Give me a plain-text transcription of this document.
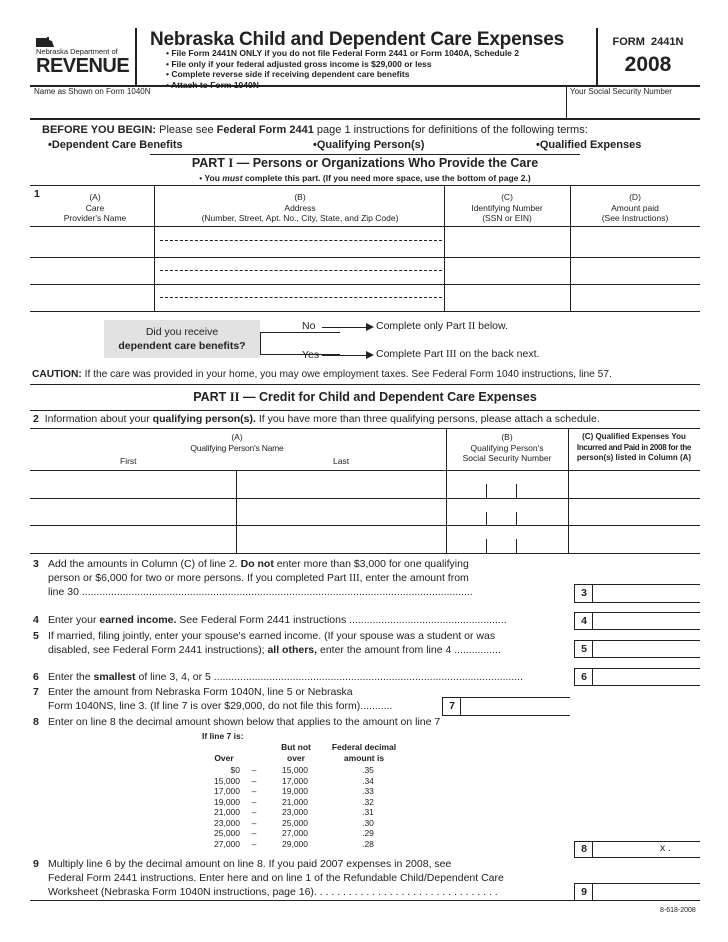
Nebraska Department of
REVENUE
Nebraska Child and Dependent Care Expenses
• File Form 2441N ONLY if you do not file Federal Form 2441 or Form 1040A, Schedule 2
• File only if your federal adjusted gross income is $29,000 or less
• Complete reverse side if receiving dependent care benefits
• Attach to Form 1040N
FORM  2441N
2008
Name as Shown on Form 1040N	Your Social Security Number
BEFORE YOU BEGIN: Please see Federal Form 2441 page 1 instructions for definitions of the following terms:
•Dependent Care Benefits	•Qualifying Person(s)	•Qualified Expenses
PART I — Persons or Organizations Who Provide the Care
• You must complete this part. (If you need more space, use the bottom of page 2.)
1	(A)
Care
Provider's Name
(B)
Address
(Number, Street, Apt. No., City, State, and Zip Code)
(C)
Identifying Number
(SSN or EIN)
(D)
Amount paid
(See Instructions)
Did you receive
dependent care benefits?
No	Complete only Part II below.
Yes	Complete Part III on the back next.
CAUTION: If the care was provided in your home, you may owe employment taxes. See Federal Form 1040 instructions, line 57.
PART II — Credit for Child and Dependent Care Expenses
2 Information about your qualifying person(s). If you have more than three qualifying persons, please attach a schedule.
(A)
Qualifying Person's Name
First	Last
(B)
Qualifying Person's
Social Security Number
(C) Qualified Expenses You
Incurred and Paid in 2008 for the
person(s) listed in Column (A)
3 Add the amounts in Column (C) of line 2. Do not enter more than $3,000 for one qualifying
person or $6,000 for two or more persons. If you completed Part III, enter the amount from
line 30 ......................................................................................................................................	3
4 Enter your earned income. See Federal Form 2441 instructions ......................................................	4
5 If married, filing jointly, enter your spouse's earned income. (If your spouse was a student or was
disabled, see Federal Form 2441 instructions); all others, enter the amount from line 4 ................	5
6 Enter the smallest of line 3, 4, or 5 ..........................................................................................................	6
7 Enter the amount from Nebraska Form 1040N, line 5 or Nebraska
Form 1040NS, line 3. (If line 7 is over $29,000, do not file this form)...........	7
8 Enter on line 8 the decimal amount shown below that applies to the amount on line 7
If line 7 is:
Over
But not
over
Federal decimal
amount is
$0	–	15,000	.35
15,000	–	17,000	.34
17,000	–	19,000	.33
19,000	–	21,000	.32
21,000	–	23,000	.31
23,000	–	25,000	.30
25,000	–	27,000	.29
27,000	–	29,000	.28	8	x .
9 Multiply line 6 by the decimal amount on line 8. If you paid 2007 expenses in 2008, see
Federal Form 2441 instructions. Enter here and on line 1 of the Refundable Child/Dependent Care
Worksheet (Nebraska Form 1040N instructions, page 16). . . . . . . . . . . . . . . . . . . . . . . . . . . . . . . .	9
8-618-2008
